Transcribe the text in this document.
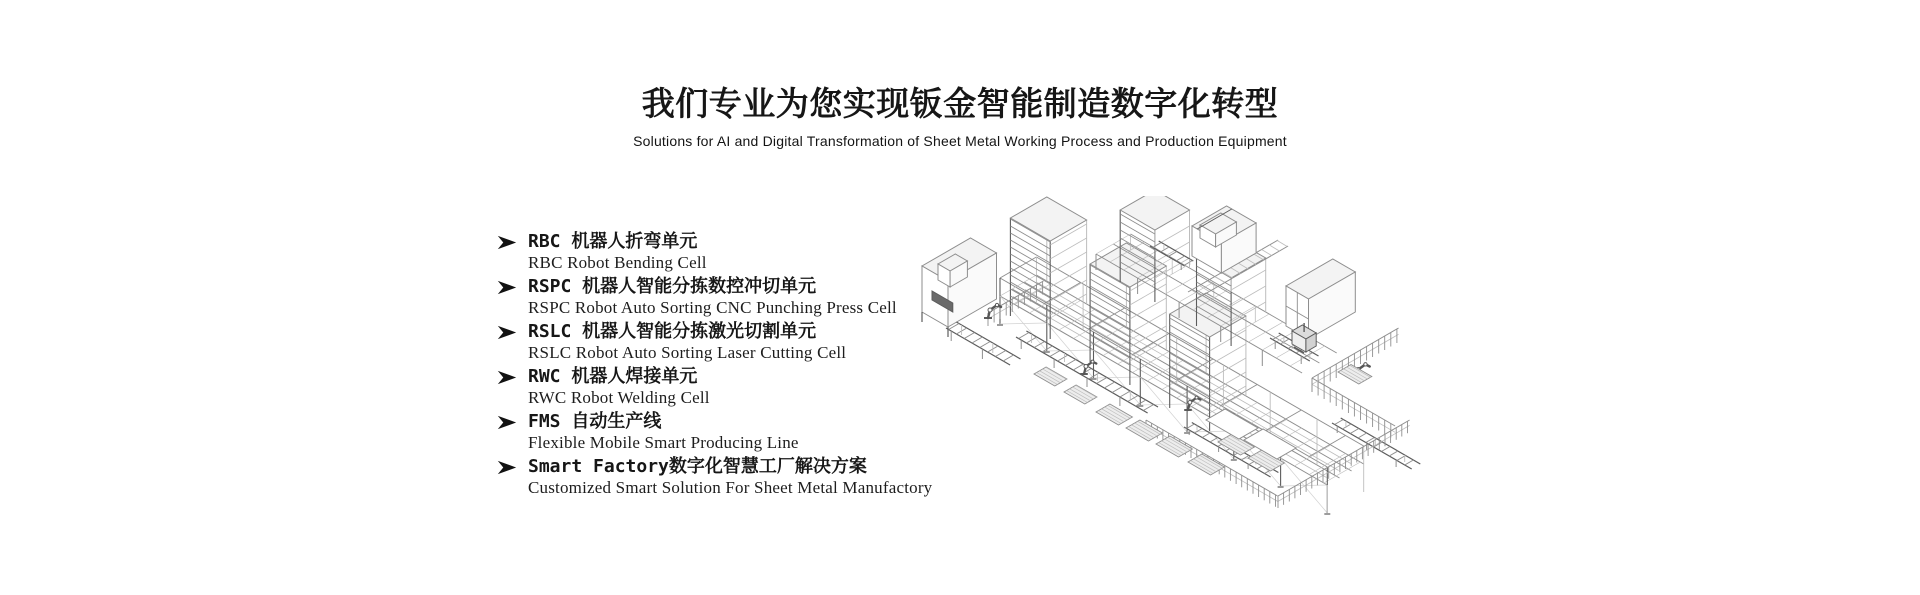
我们专业为您实现钣金智能制造数字化转型
Solutions for AI and Digital Transformation of Sheet Metal Working Process and Production Equipment
RBC 机器人折弯单元
RBC Robot Bending Cell
RSPC 机器人智能分拣数控冲切单元
RSPC Robot Auto Sorting CNC Punching Press Cell
RSLC 机器人智能分拣激光切割单元
RSLC Robot Auto Sorting Laser Cutting Cell
RWC 机器人焊接单元
RWC Robot Welding Cell
FMS 自动生产线
Flexible Mobile Smart Producing Line
Smart Factory数字化智慧工厂解决方案
Customized Smart Solution For Sheet Metal Manufactory
